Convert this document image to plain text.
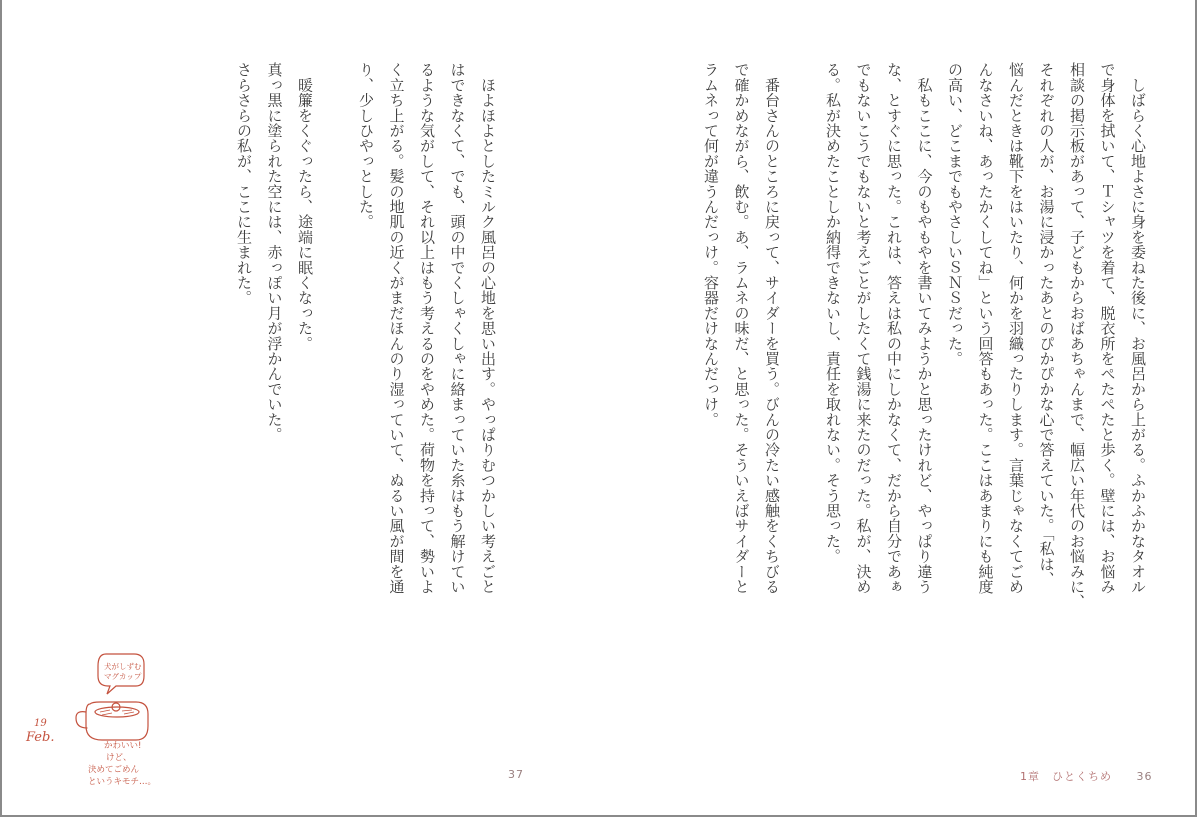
　しばらく心地よさに身を委ねた後に、お風呂から上がる。ふかふかなタオル
で身体を拭いて、Ｔシャツを着て、脱衣所をぺたぺたと歩く。壁には、お悩み
相談の掲示板があって、子どもからおばあちゃんまで、幅広い年代のお悩みに、
それぞれの人が、お湯に浸かったあとのぴかぴかな心で答えていた。「私は、
悩んだときは靴下をはいたり、何かを羽織ったりします。言葉じゃなくてごめ
んなさいね、あったかくしてね」という回答もあった。ここはあまりにも純度
の高い、どこまでもやさしいＳＮＳだった。
　私もここに、今のもやもやを書いてみようかと思ったけれど、やっぱり違う
な、とすぐに思った。これは、答えは私の中にしかなくて、だから自分であぁ
でもないこうでもないと考えごとがしたくて銭湯に来たのだった。私が、決め
る。私が決めたことしか納得できないし、責任を取れない。そう思った。
　番台さんのところに戻って、サイダーを買う。びんの冷たい感触をくちびる
で確かめながら、飲む。あ、ラムネの味だ、と思った。そういえばサイダーと
ラムネって何が違うんだっけ。容器だけなんだっけ。
　ほよほよとしたミルク風呂の心地を思い出す。やっぱりむつかしい考えごと
はできなくて、でも、頭の中でくしゃくしゃに絡まっていた糸はもう解けてい
るような気がして、それ以上はもう考えるのをやめた。荷物を持って、勢いよ
く立ち上がる。髪の地肌の近くがまだほんのり湿っていて、ぬるい風が間を通
り、少しひやっとした。
　暖簾をくぐったら、途端に眠くなった。
真っ黒に塗られた空には、赤っぽい月が浮かんでいた。
さらさらの私が、ここに生まれた。
1章　ひとくちめ 36
37
犬がしずむ
マグカップ
19
Feb.
かわいい!
けど、
決めてごめん
というキモチ…。
